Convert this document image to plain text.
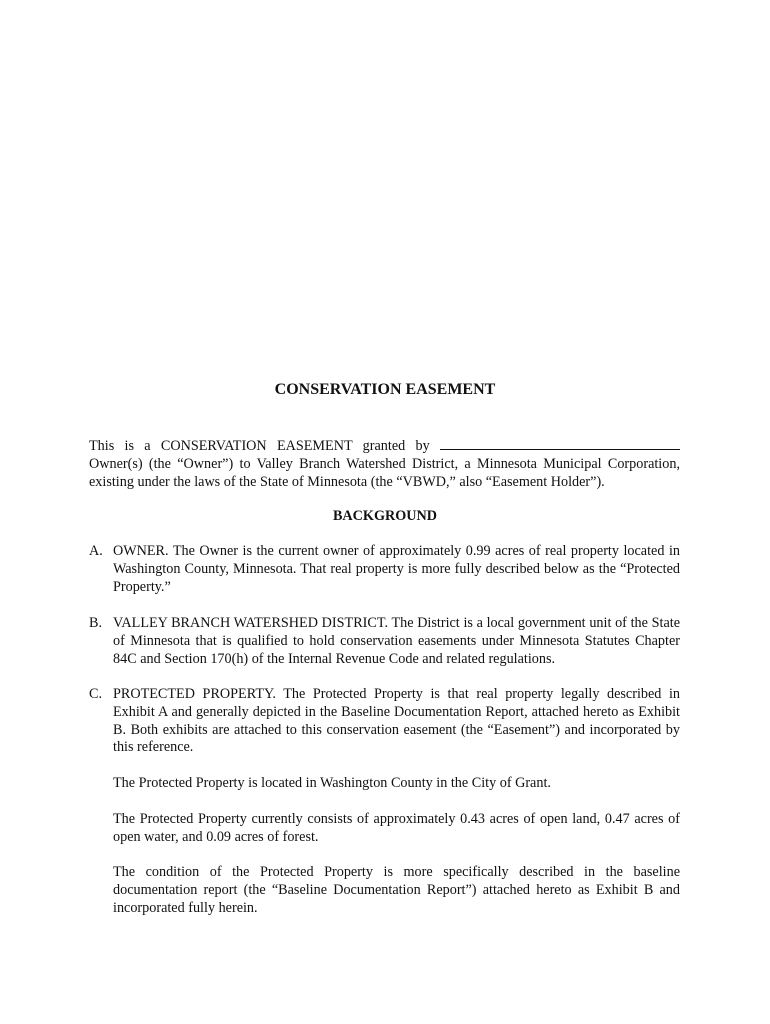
CONSERVATION EASEMENT
This is a CONSERVATION EASEMENT granted by  Owner(s) (the “Owner”) to Valley Branch Watershed District, a Minnesota Municipal Corporation, existing under the laws of the State of Minnesota (the “VBWD,” also “Easement Holder”).
BACKGROUND
A. OWNER. The Owner is the current owner of approximately 0.99 acres of real property located in Washington County, Minnesota. That real property is more fully described below as the “Protected Property.”
B. VALLEY BRANCH WATERSHED DISTRICT. The District is a local government unit of the State of Minnesota that is qualified to hold conservation easements under Minnesota Statutes Chapter 84C and Section 170(h) of the Internal Revenue Code and related regulations.
C. PROTECTED PROPERTY. The Protected Property is that real property legally described in Exhibit A and generally depicted in the Baseline Documentation Report, attached hereto as Exhibit B. Both exhibits are attached to this conservation easement (the “Easement”) and incorporated by this reference.
The Protected Property is located in Washington County in the City of Grant.
The Protected Property currently consists of approximately 0.43 acres of open land, 0.47 acres of open water, and 0.09 acres of forest.
The condition of the Protected Property is more specifically described in the baseline documentation report (the “Baseline Documentation Report”) attached hereto as Exhibit B and incorporated fully herein.
